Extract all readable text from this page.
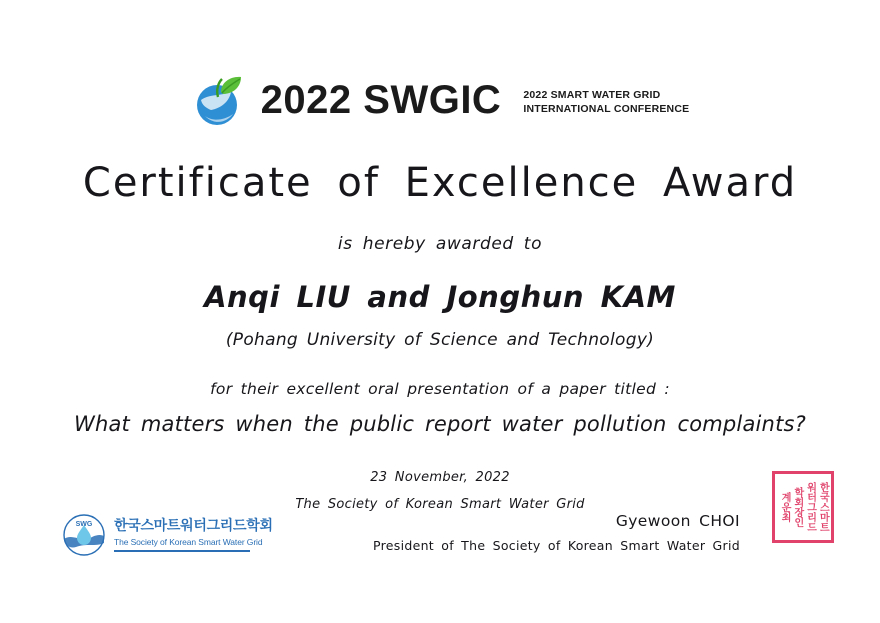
2022 SWGIC 2022 SMART WATER GRID
INTERNATIONAL CONFERENCE
Certificate of Excellence Award
is hereby awarded to
Anqi LIU and Jonghun KAM
(Pohang University of Science and Technology)
for their excellent oral presentation of a paper titled :
What matters when the public report water pollution complaints?
23 November, 2022
The Society of Korean Smart Water Grid
SWG 한국스마트워터그리드학회
The Society of Korean Smart Water Grid
Gyewoon CHOI
President of The Society of Korean Smart Water Grid
계운최 학회장인 워터그리드 한국스마트
